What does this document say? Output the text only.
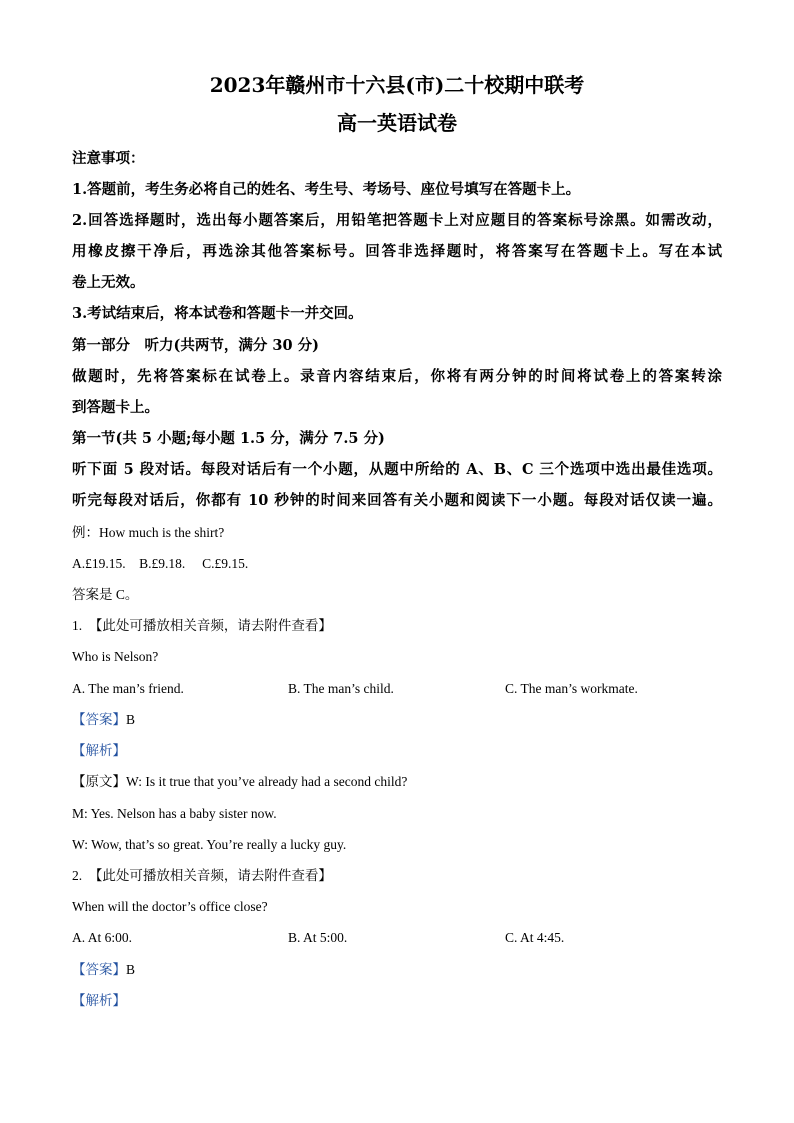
2023年赣州市十六县(市)二十校期中联考
高一英语试卷
注意事项：
1.答题前，考生务必将自己的姓名、考生号、考场号、座位号填写在答题卡上。
2.回答选择题时，选出每小题答案后，用铅笔把答题卡上对应题目的答案标号涂黑。如需改动，
用橡皮擦干净后，再选涂其他答案标号。回答非选择题时，将答案写在答题卡上。写在本试
卷上无效。
3.考试结束后，将本试卷和答题卡一并交回。
第一部分　听力(共两节，满分 30 分)
做题时，先将答案标在试卷上。录音内容结束后，你将有两分钟的时间将试卷上的答案转涂
到答题卡上。
第一节(共 5 小题;每小题 1.5 分，满分 7.5 分)
听下面 5 段对话。每段对话后有一个小题，从题中所给的 A、B、C 三个选项中选出最佳选项。
听完每段对话后，你都有 10 秒钟的时间来回答有关小题和阅读下一小题。每段对话仅读一遍。
例：How much is the shirt?
A.£19.15.　B.£9.18.　 C.£9.15.
答案是 C。
1.　【此处可播放相关音频，请去附件查看】
Who is Nelson?
A. The man’s friend.	B. The man’s child.	C. The man’s workmate.
【答案】B
【解析】
【原文】W: Is it true that you’ve already had a second child?
M: Yes. Nelson has a baby sister now.
W: Wow, that’s so great. You’re really a lucky guy.
2.　【此处可播放相关音频，请去附件查看】
When will the doctor’s office close?
A. At 6:00.	B. At 5:00.	C. At 4:45.
【答案】B
【解析】
